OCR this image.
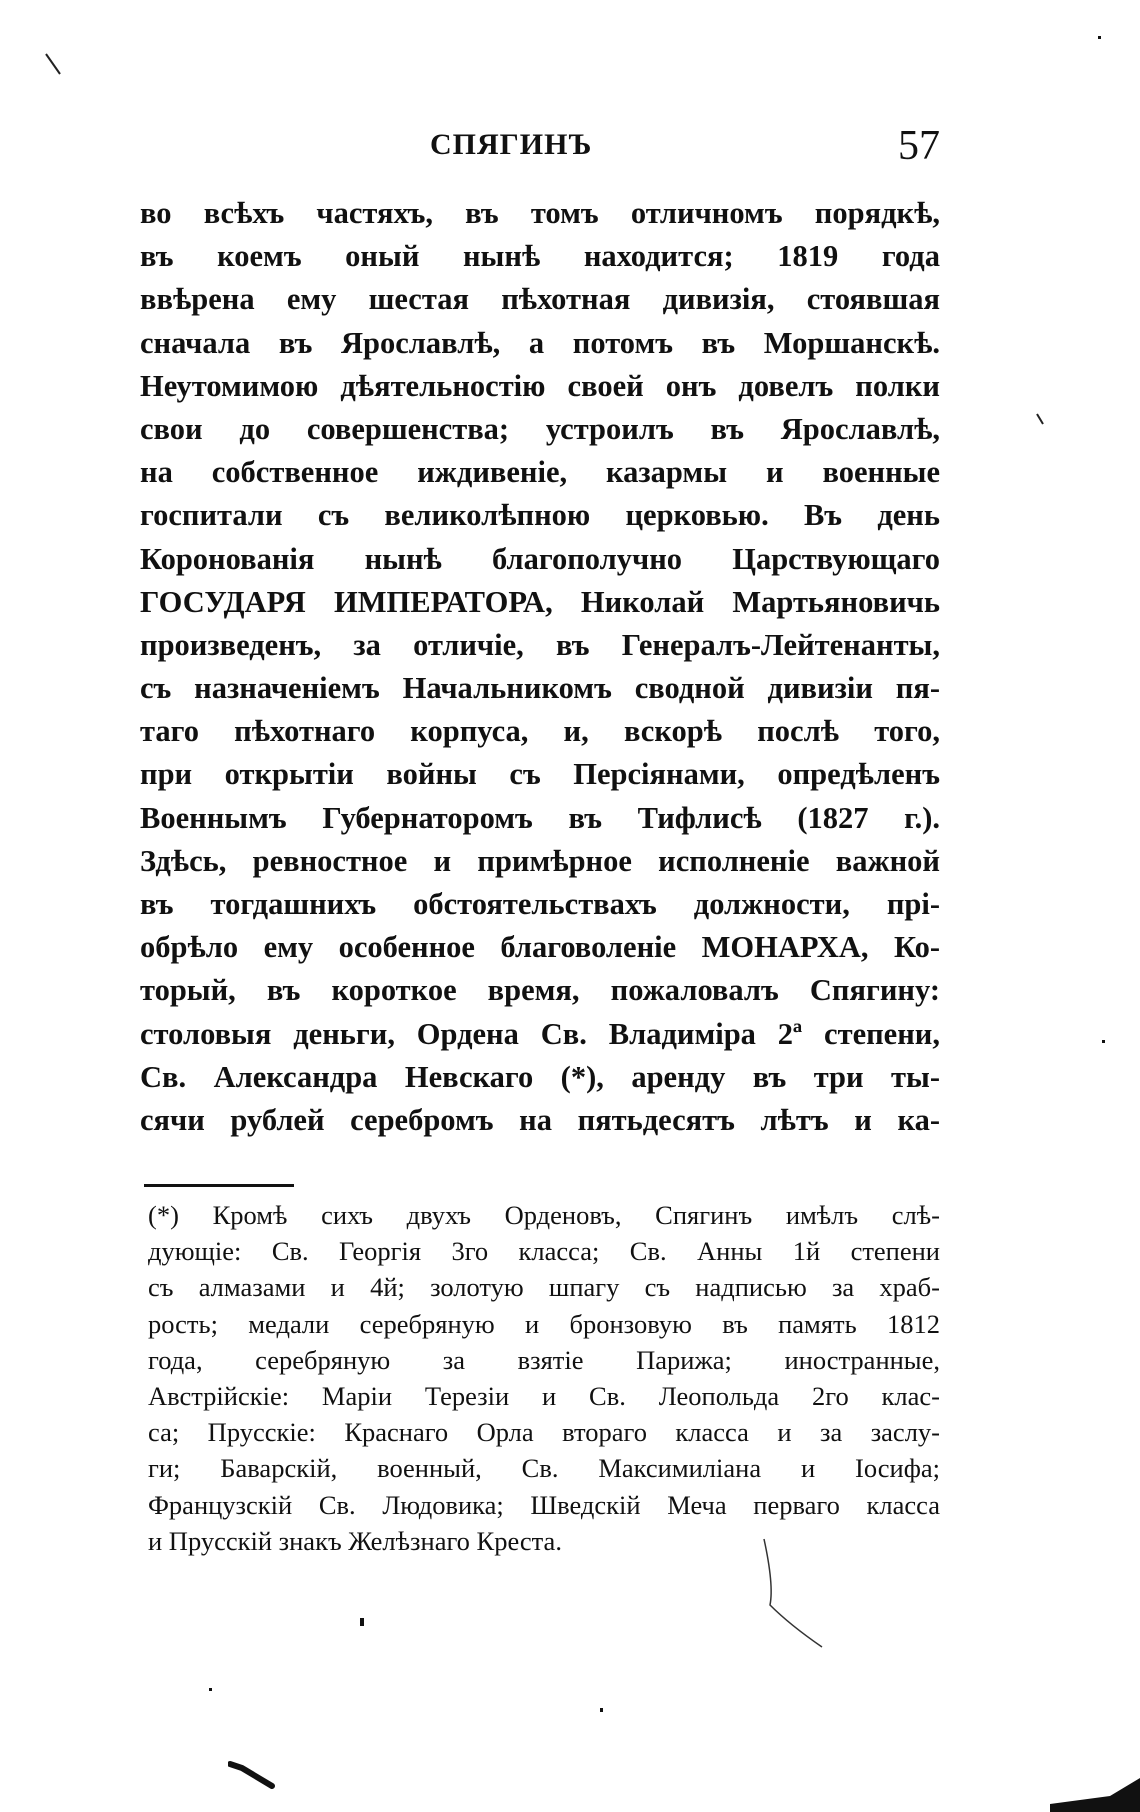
СПЯГИНЪ	57
во всѣхъ частяхъ, въ томъ отличномъ порядкѣ,
въ коемъ оный нынѣ находится; 1819 года
ввѣрена ему шестая пѣхотная дивизія, стоявшая
сначала въ Ярославлѣ, а потомъ въ Моршанскѣ.
Неутомимою дѣятельностію своей онъ довелъ полки
свои до совершенства; устроилъ въ Ярославлѣ,
на собственное иждивеніе, казармы и военные
госпитали съ великолѣпною церковью. Въ день
Коронованія нынѣ благополучно Царствующаго
ГОСУДАРЯ ИМПЕРАТОРА, Николай Мартьяновичь
произведенъ, за отличіе, въ Генералъ-Лейтенанты,
съ назначеніемъ Начальникомъ сводной дивизіи пя-
таго пѣхотнаго корпуса, и, вскорѣ послѣ того,
при открытіи войны съ Персіянами, опредѣленъ
Военнымъ Губернаторомъ въ Тифлисѣ (1827 г.).
Здѣсь, ревностное и примѣрное исполненіе важной
въ тогдашнихъ обстоятельствахъ должности, прі-
обрѣло ему особенное благоволеніе МОНАРХА, Ко-
торый, въ короткое время, пожаловалъ Спягину:
столовыя деньги, Ордена Св. Владиміра 2ª степени,
Св. Александра Невскаго (*), аренду въ три ты-
сячи рублей серебромъ на пятьдесятъ лѣтъ и ка-
(*) Кромѣ сихъ двухъ Орденовъ, Спягинъ имѣлъ слѣ-
дующіе: Св. Георгія 3го класса; Св. Анны 1й степени
съ алмазами и 4й; золотую шпагу съ надписью за храб-
рость; медали серебряную и бронзовую въ память 1812
года, серебряную за взятіе Парижа; иностранные,
Австрійскіе: Маріи Терезіи и Св. Леопольда 2го клас-
са; Прусскіе: Краснаго Орла втораго класса и за заслу-
ги; Баварскій, военный, Св. Максимиліана и Іосифа;
Французскій Св. Людовика; Шведскій Меча перваго класса
и Прусскій знакъ Желѣзнаго Креста.
